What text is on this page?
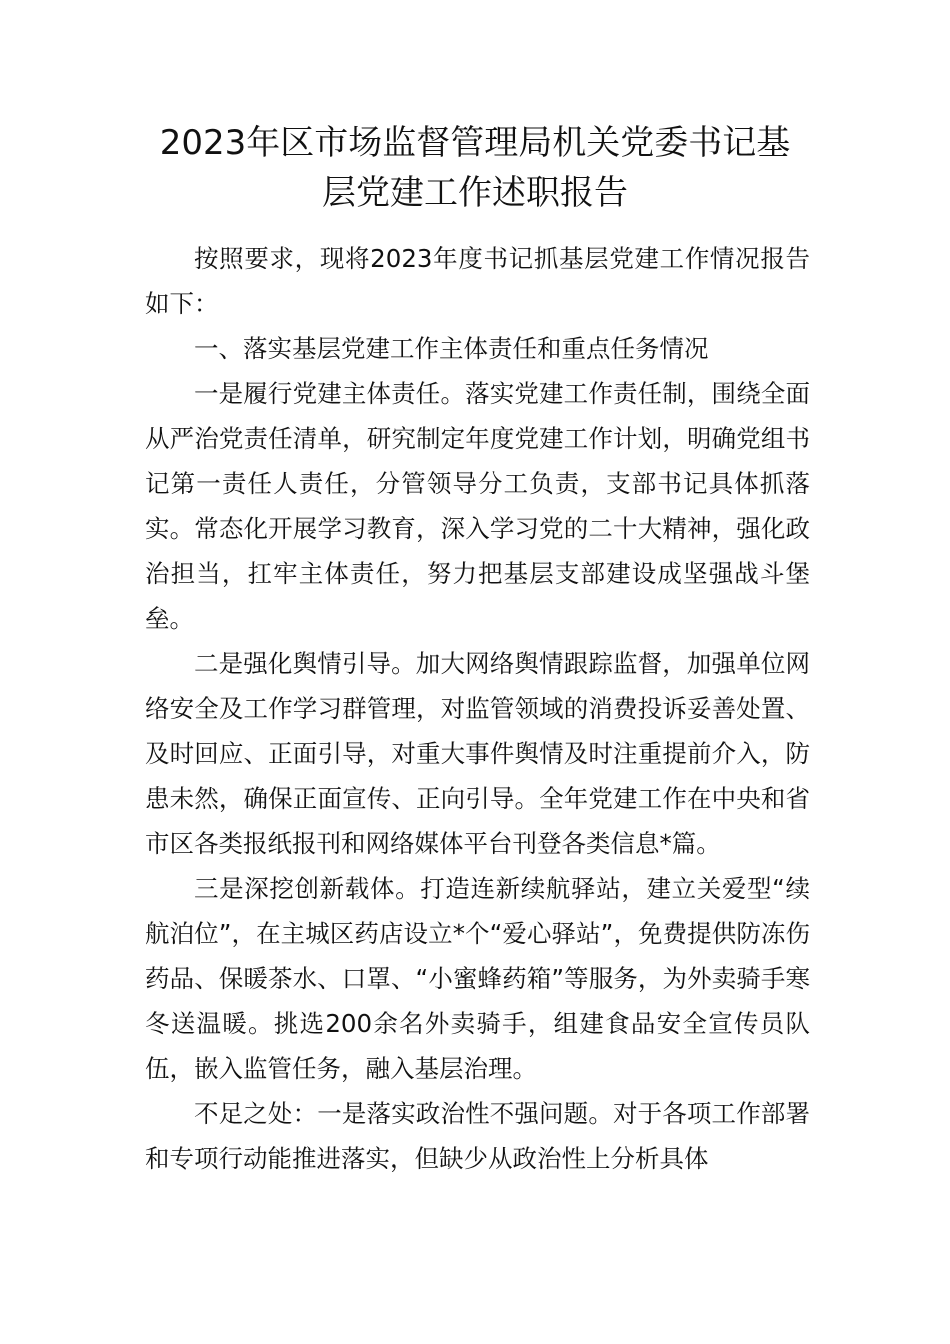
2023年区市场监督管理局机关党委书记基
层党建工作述职报告

按照要求，现将2023年度书记抓基层党建工作情况报告如下：

一、落实基层党建工作主体责任和重点任务情况

一是履行党建主体责任。落实党建工作责任制，围绕全面从严治党责任清单，研究制定年度党建工作计划，明确党组书记第一责任人责任，分管领导分工负责，支部书记具体抓落实。常态化开展学习教育，深入学习党的二十大精神，强化政治担当，扛牢主体责任，努力把基层支部建设成坚强战斗堡垒。

二是强化舆情引导。加大网络舆情跟踪监督，加强单位网络安全及工作学习群管理，对监管领域的消费投诉妥善处置、及时回应、正面引导，对重大事件舆情及时注重提前介入，防患未然，确保正面宣传、正向引导。全年党建工作在中央和省市区各类报纸报刊和网络媒体平台刊登各类信息*篇。

三是深挖创新载体。打造连新续航驿站，建立关爱型“续航泊位”，在主城区药店设立*个“爱心驿站”，免费提供防冻伤药品、保暖茶水、口罩、“小蜜蜂药箱”等服务，为外卖骑手寒冬送温暖。挑选200余名外卖骑手，组建食品安全宣传员队伍，嵌入监管任务，融入基层治理。

不足之处：一是落实政治性不强问题。对于各项工作部署和专项行动能推进落实，但缺少从政治性上分析具体
